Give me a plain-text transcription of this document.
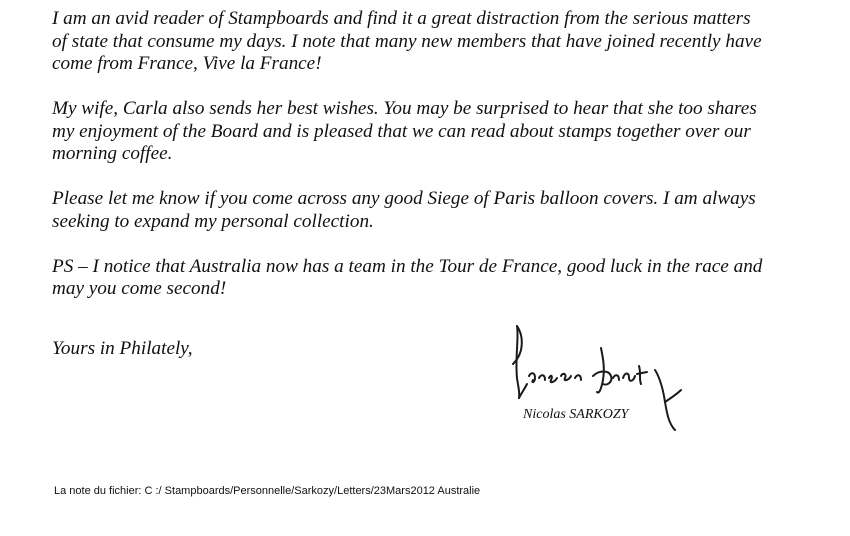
I am an avid reader of Stampboards and find it a great distraction from the serious matters
of state that consume my days. I note that many new members that have joined recently have
come from France, Vive la France!

My wife, Carla also sends her best wishes. You may be surprised to hear that she too shares
my enjoyment of the Board and is pleased that we can read about stamps together over our
morning coffee.

Please let me know if you come across any good Siege of Paris balloon covers. I am always
seeking to expand my personal collection.

PS – I notice that Australia now has a team in the Tour de France, good luck in the race and
may you come second!

Yours in Philately,
Nicolas SARKOZY
La note du fichier: C :/ Stampboards/Personnelle/Sarkozy/Letters/23Mars2012 Australie
